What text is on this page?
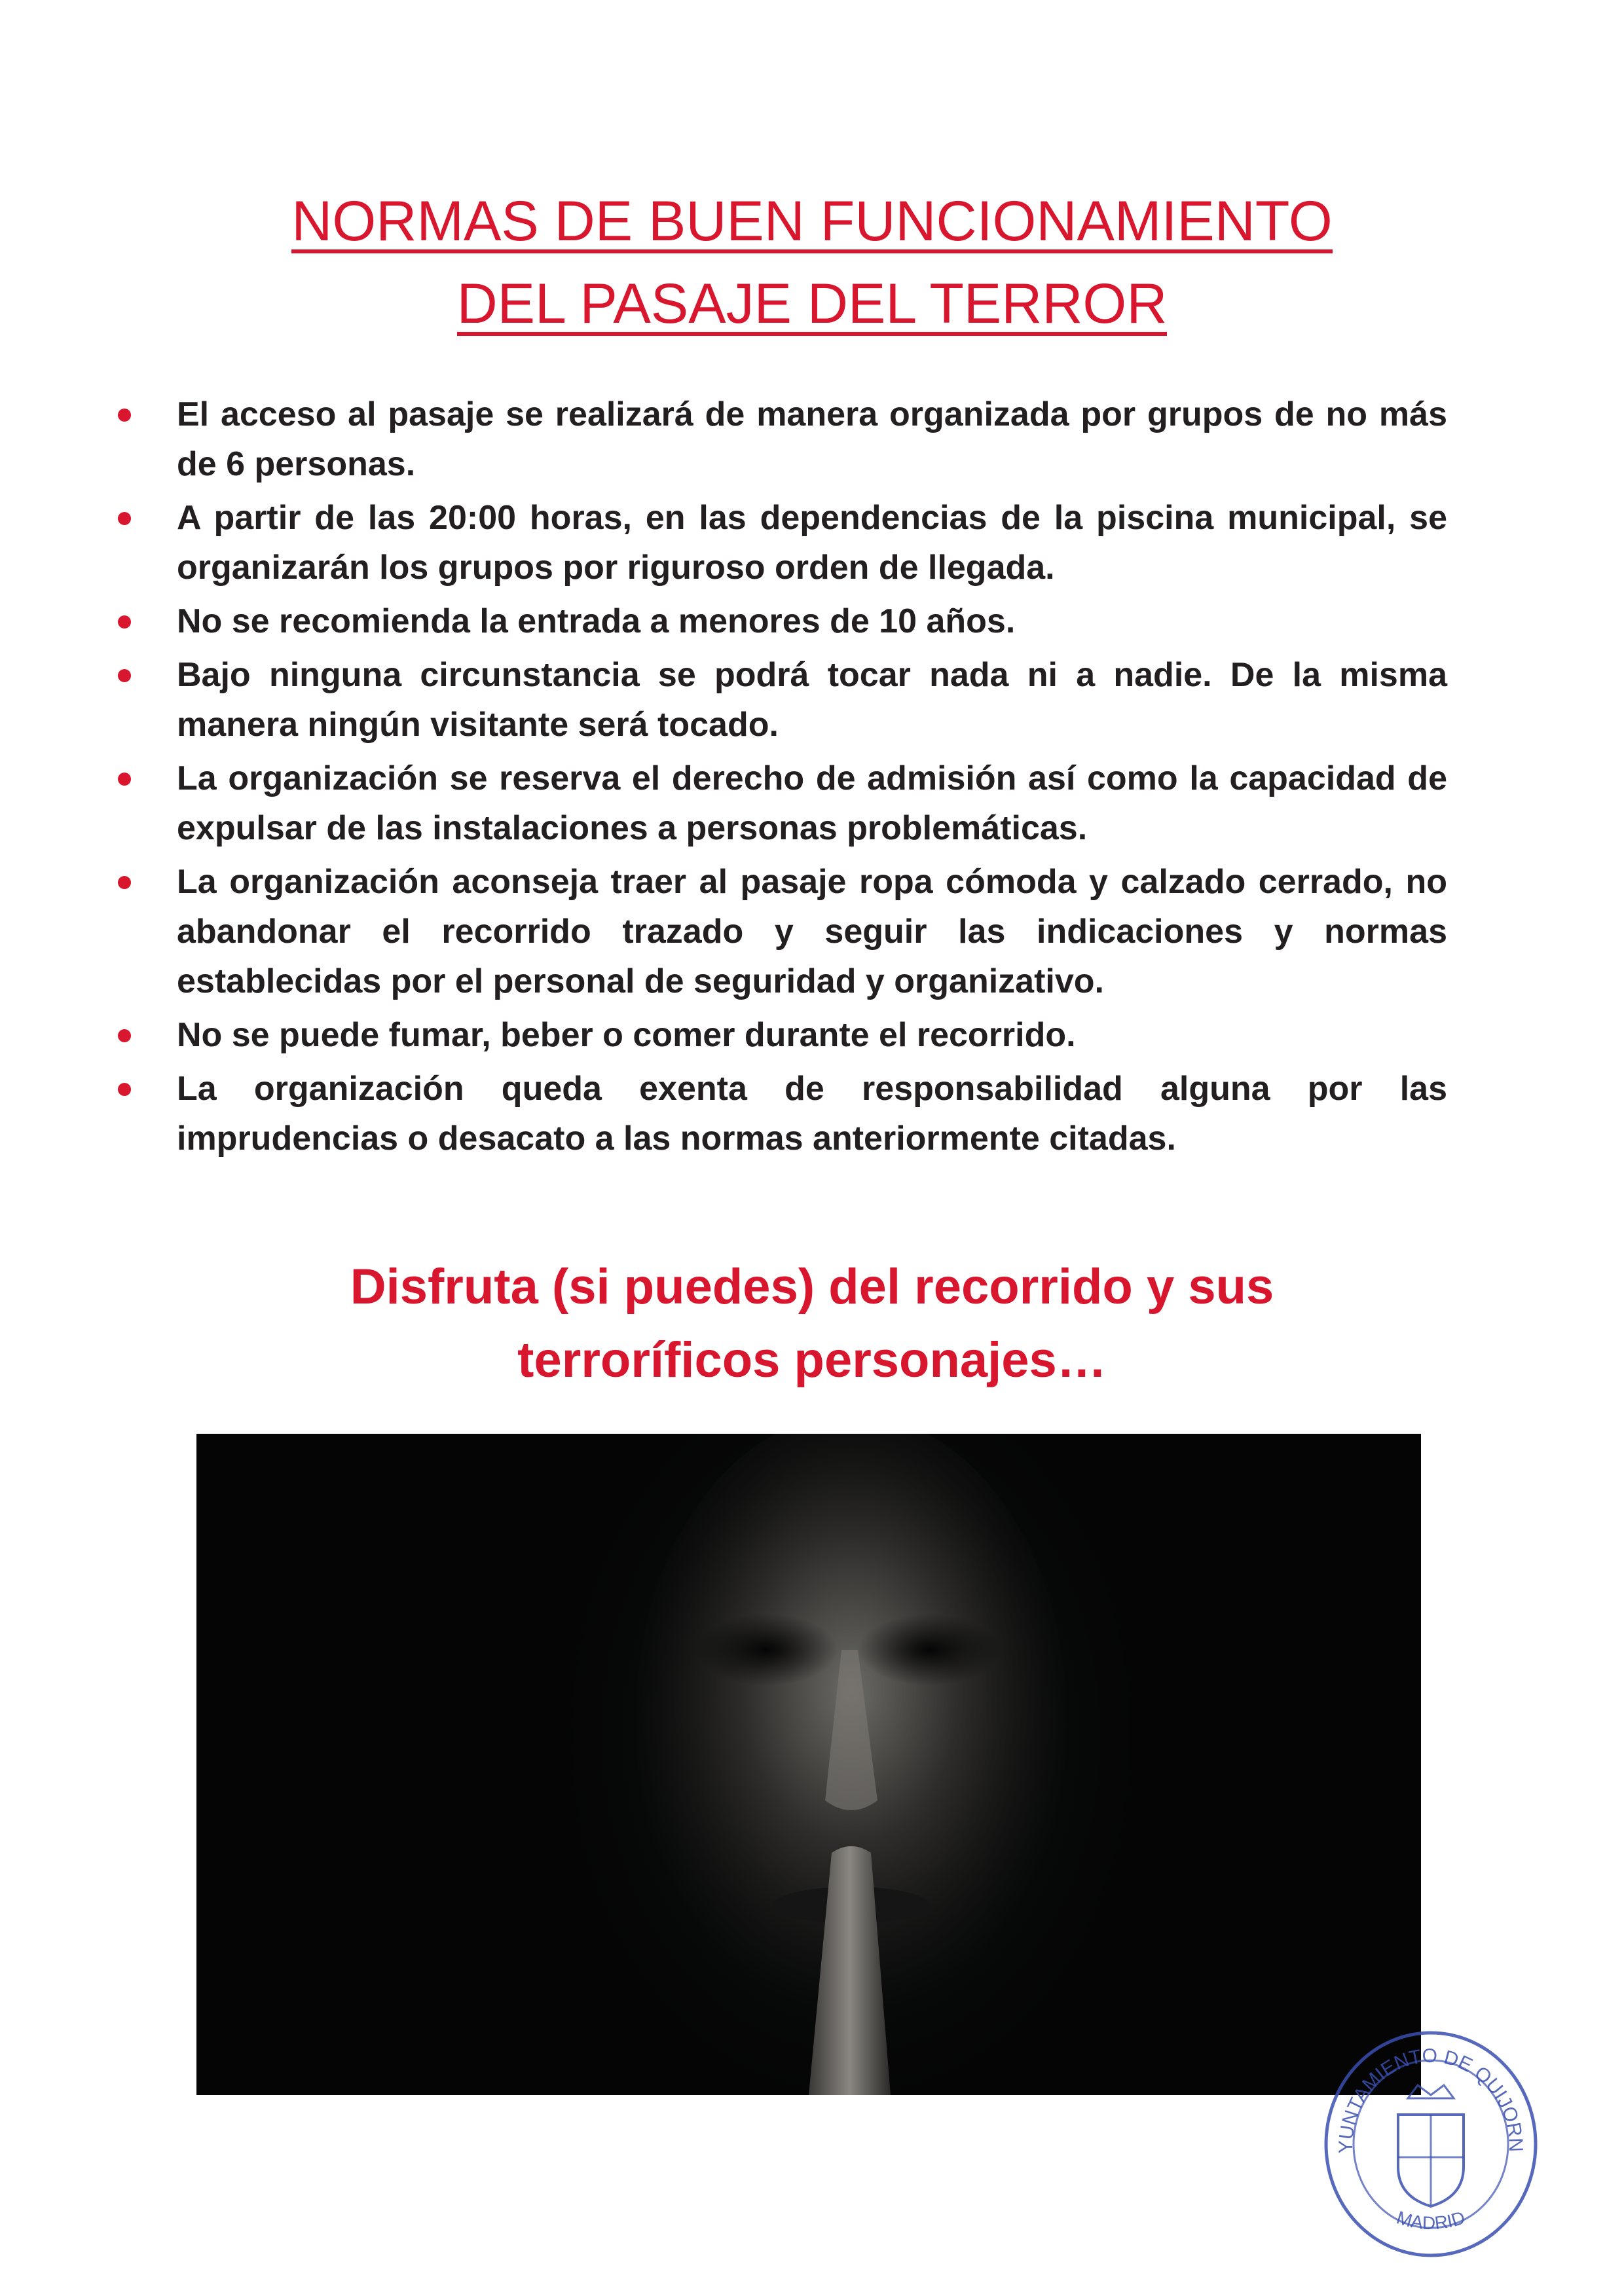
NORMAS DE BUEN FUNCIONAMIENTO
DEL PASAJE DEL TERROR
El acceso al pasaje se realizará de manera organizada por grupos de no más de 6 personas.
A partir de las 20:00 horas, en las dependencias de la piscina municipal, se organizarán los grupos por riguroso orden de llegada.
No se recomienda la entrada a menores de 10 años.
Bajo ninguna circunstancia se podrá tocar nada ni a nadie. De la misma manera ningún visitante será tocado.
La organización se reserva el derecho de admisión así como la capacidad de expulsar de las instalaciones a personas problemáticas.
La organización aconseja traer al pasaje ropa cómoda y calzado cerrado, no abandonar el recorrido trazado y seguir las indicaciones y normas establecidas por el personal de seguridad y organizativo.
No se puede fumar, beber o comer durante el recorrido.
La organización queda exenta de responsabilidad alguna por las imprudencias o desacato a las normas anteriormente citadas.
Disfruta (si puedes) del recorrido y sus
terroríficos personajes…
YUNTAMIENTO DE QUIJORN
MADRID
